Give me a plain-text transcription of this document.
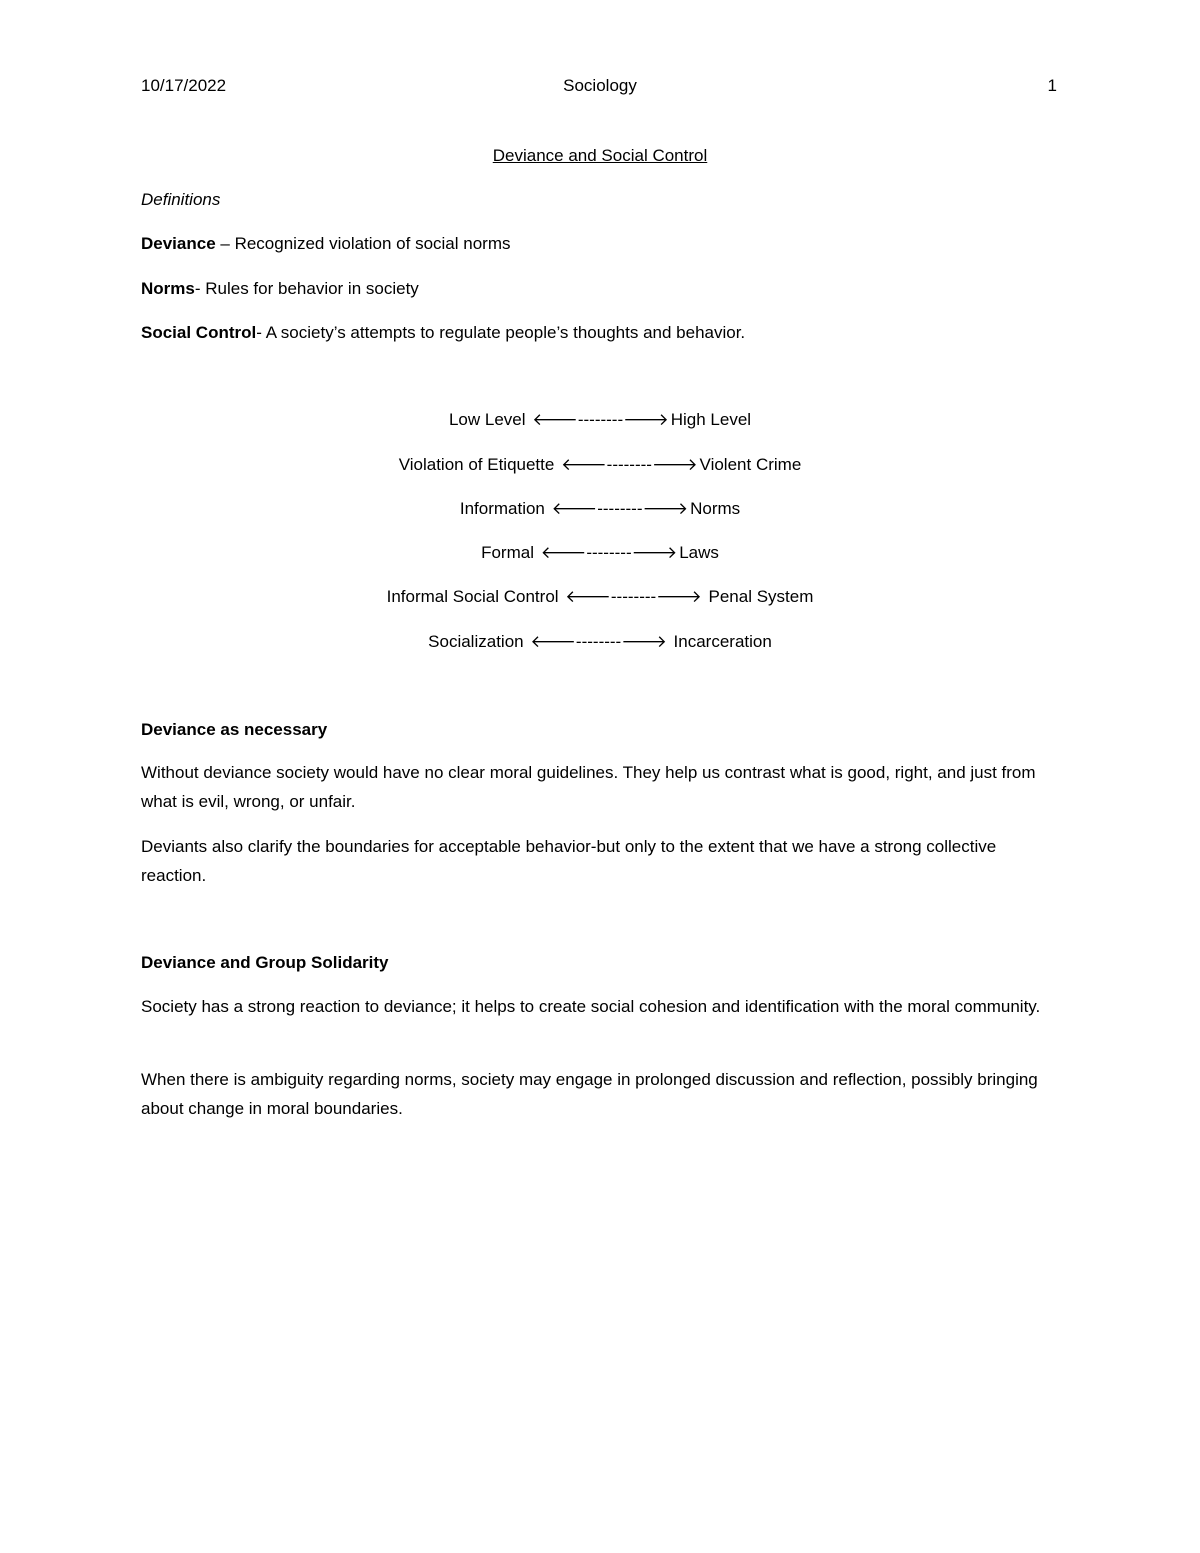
10/17/2022	Sociology	1
Deviance and Social Control
Definitions
Deviance – Recognized violation of social norms
Norms- Rules for behavior in society
Social Control- A society’s attempts to regulate people’s thoughts and behavior.
Low Level 🡐--------🡒 High Level
Violation of Etiquette 🡐--------🡒 Violent Crime
Information 🡐--------🡒 Norms
Formal 🡐--------🡒 Laws
Informal Social Control 🡐--------🡒 Penal System
Socialization 🡐--------🡒 Incarceration
Deviance as necessary
Without deviance society would have no clear moral guidelines. They help us contrast what is good, right, and just from what is evil, wrong, or unfair.
Deviants also clarify the boundaries for acceptable behavior-but only to the extent that we have a strong collective reaction.
Deviance and Group Solidarity
Society has a strong reaction to deviance; it helps to create social cohesion and identification with the moral community.
When there is ambiguity regarding norms, society may engage in prolonged discussion and reflection, possibly bringing about change in moral boundaries.
